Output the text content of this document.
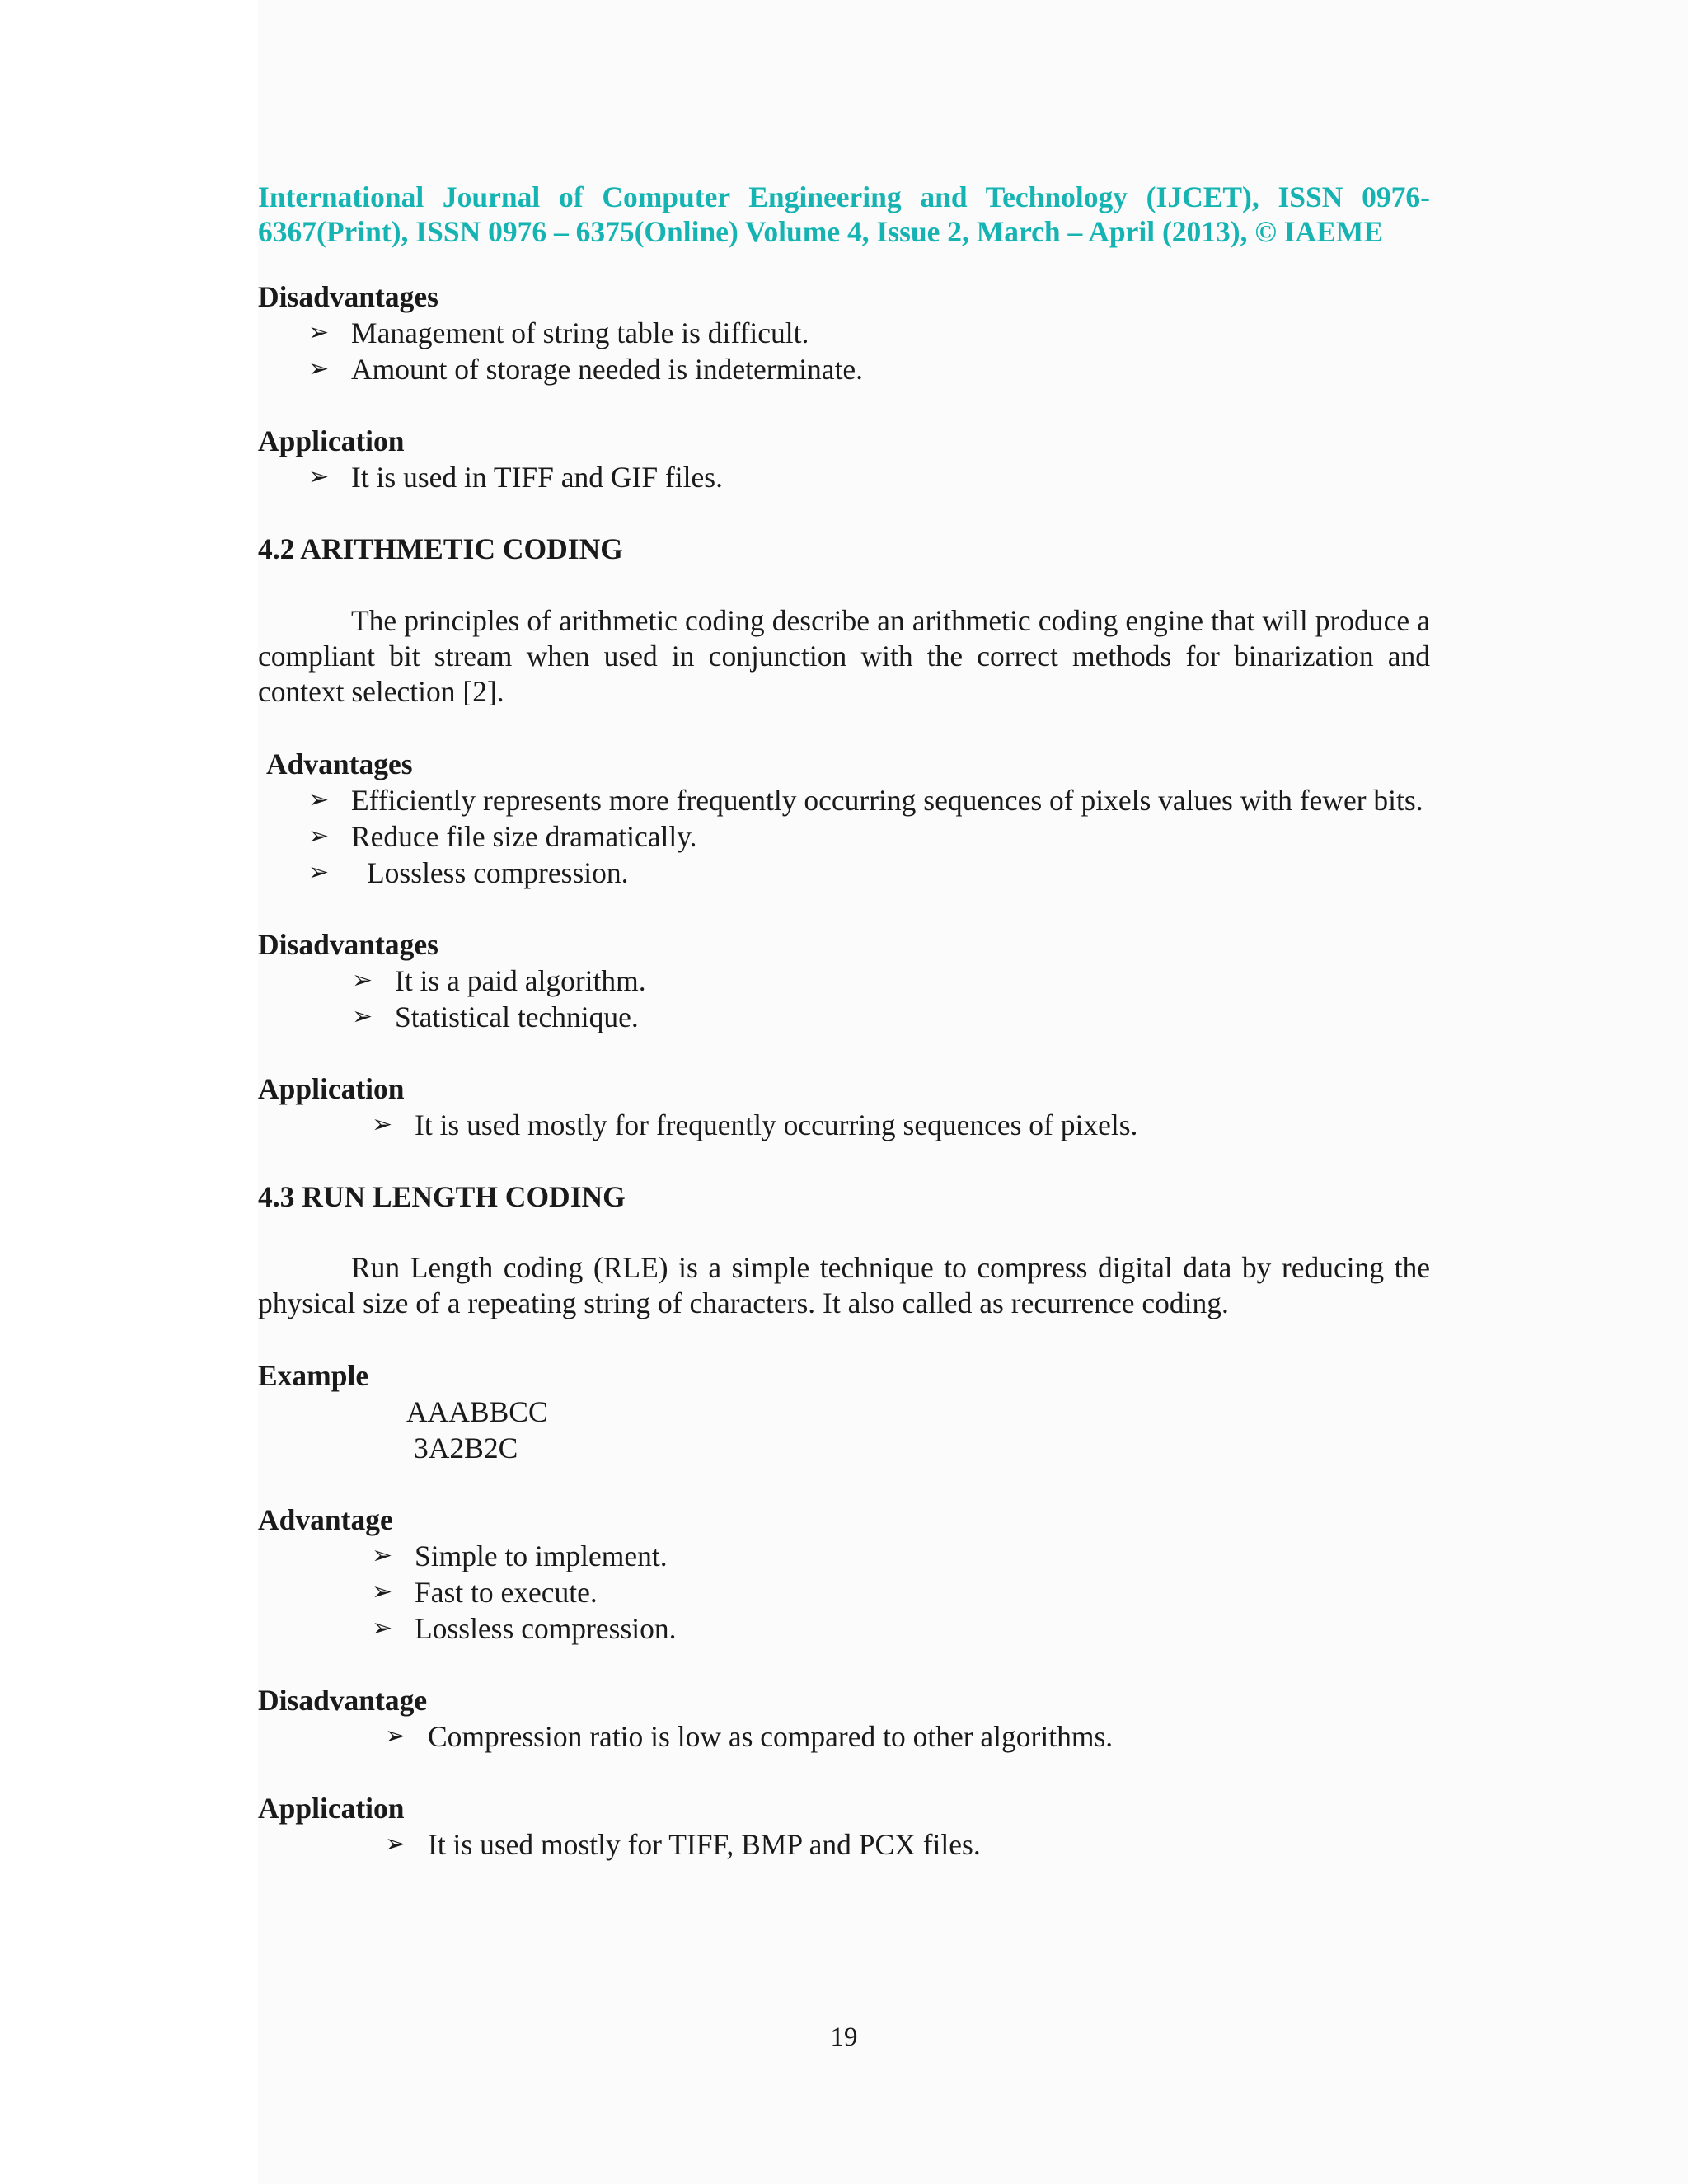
International Journal of Computer Engineering and Technology (IJCET), ISSN 0976-
6367(Print), ISSN 0976 – 6375(Online) Volume 4, Issue 2, March – April (2013), © IAEME
Disadvantages
➢ Management of string table is difficult.
➢ Amount of storage needed is indeterminate.
Application
➢ It is used in TIFF and GIF files.
4.2 ARITHMETIC CODING

The principles of arithmetic coding describe an arithmetic coding engine that will produce a compliant bit stream when used in conjunction with the correct methods for binarization and context selection [2].

Advantages
➢ Efficiently represents more frequently occurring sequences of pixels values with fewer bits.
➢ Reduce file size dramatically.
➢	Lossless compression.
Disadvantages
➢ It is a paid algorithm.
➢ Statistical technique.
Application
➢ It is used mostly for frequently occurring sequences of pixels.
4.3 RUN LENGTH CODING

Run Length coding (RLE) is a simple technique to compress digital data by reducing the physical size of a repeating string of characters. It also called as recurrence coding.

Example
AAABBCC
3A2B2C
Advantage
➢ Simple to implement.
➢ Fast to execute.
➢ Lossless compression.
Disadvantage
➢ Compression ratio is low as compared to other algorithms.
Application
➢ It is used mostly for TIFF, BMP and PCX files.
19
